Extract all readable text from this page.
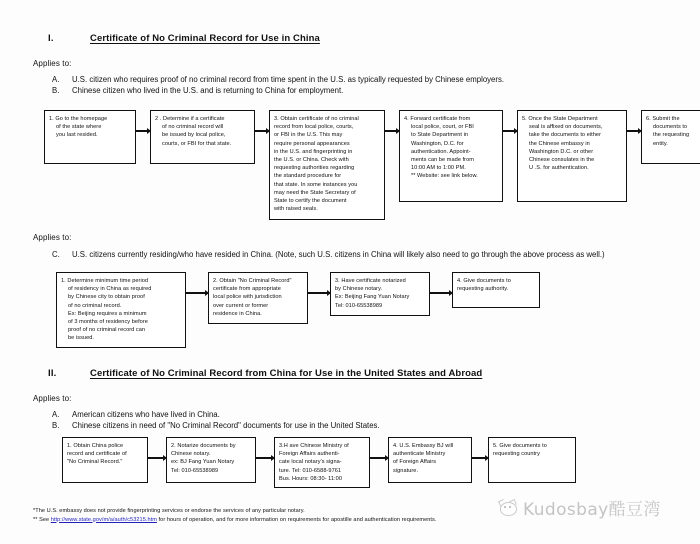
I.	Certificate of No Criminal Record for Use in China
Applies to:
A.	U.S. citizen who requires proof of no criminal record from time spent in the U.S. as typically requested by Chinese employers.
B.	Chinese citizen who lived in the U.S. and is returning to China for employment.
1. Go to the homepage
of the state where
you last resided.
2 . Determine if a certificate
of no criminal record will
be issued by local police,
courts, or FBI for that state.
3. Obtain certificate of no criminal
record from local police, courts,
or FBI in the U.S. This may
require personal appearances
in the U.S. and fingerprinting in
the U.S. or China. Check with
requesting authorities regarding
the standard procedure for
that state. In some instances you
may need the State Secretary of
State to certify the document
with raised seals.
4. Forward certificate from
local police, court, or FBI
to State Department in
Washington, D.C. for
authentication. Appoint-
ments can be made from
10:00 AM to 1:00 PM.
** Website: see link below.
5. Once the State Department
seal is affixed on documents,
take the documents to either
the Chinese embassy in
Washington D.C. or other
Chinese consulates in the
U .S. for authentication.
6. Submit the
documents to
the requesting
entity.
Applies to:
C.	U.S. citizens currently residing/who have resided in China. (Note, such U.S. citizens in China will likely also need to go through the above process as well.)
1. Determine minimum time period
of residency in China as required
by Chinese city to obtain proof
of no criminal record.
Ex: Beijing requires a minimum
of 3 months of residency before
proof of no criminal record can
be issued.
2. Obtain "No Criminal Record"
certificate from appropriate
local police with jurisdiction
over current or former
residence in China.
3. Have certificate notarized
by Chinese notary.
Ex: Beijing Fang Yuan Notary
Tel: 010-65538989
4. Give documents to
requesting authority.
II.	Certificate of No Criminal Record from China for Use in the United States and Abroad
Applies to:
A.	American citizens who have lived in China.
B.	Chinese citizens in need of "No Criminal Record" documents for use in the United States.
1. Obtain China police
record and certificate of
"No Criminal Record."
2. Notarize documents by
Chinese notary.
ex: BJ Fang Yuan Notary
Tel: 010-65538989
3.H ave Chinese Ministry of
Foreign Affairs authenti-
cate local notary's signa-
ture. Tel: 010-6588-9761
Bus. Hours: 08:30- 11:00
4. U.S. Embassy BJ will
authenticate Ministry
of Foreign Affairs
signature.
5. Give documents to
requesting country
*The U.S. embassy does not provide fingerprinting services or endorse the services of any particular notary.
** See http://www.state.gov/m/a/auth/c53215.htm for hours of operation, and for more information on requirements for apostille and authentication requirements.	Kudosbay酷豆湾
